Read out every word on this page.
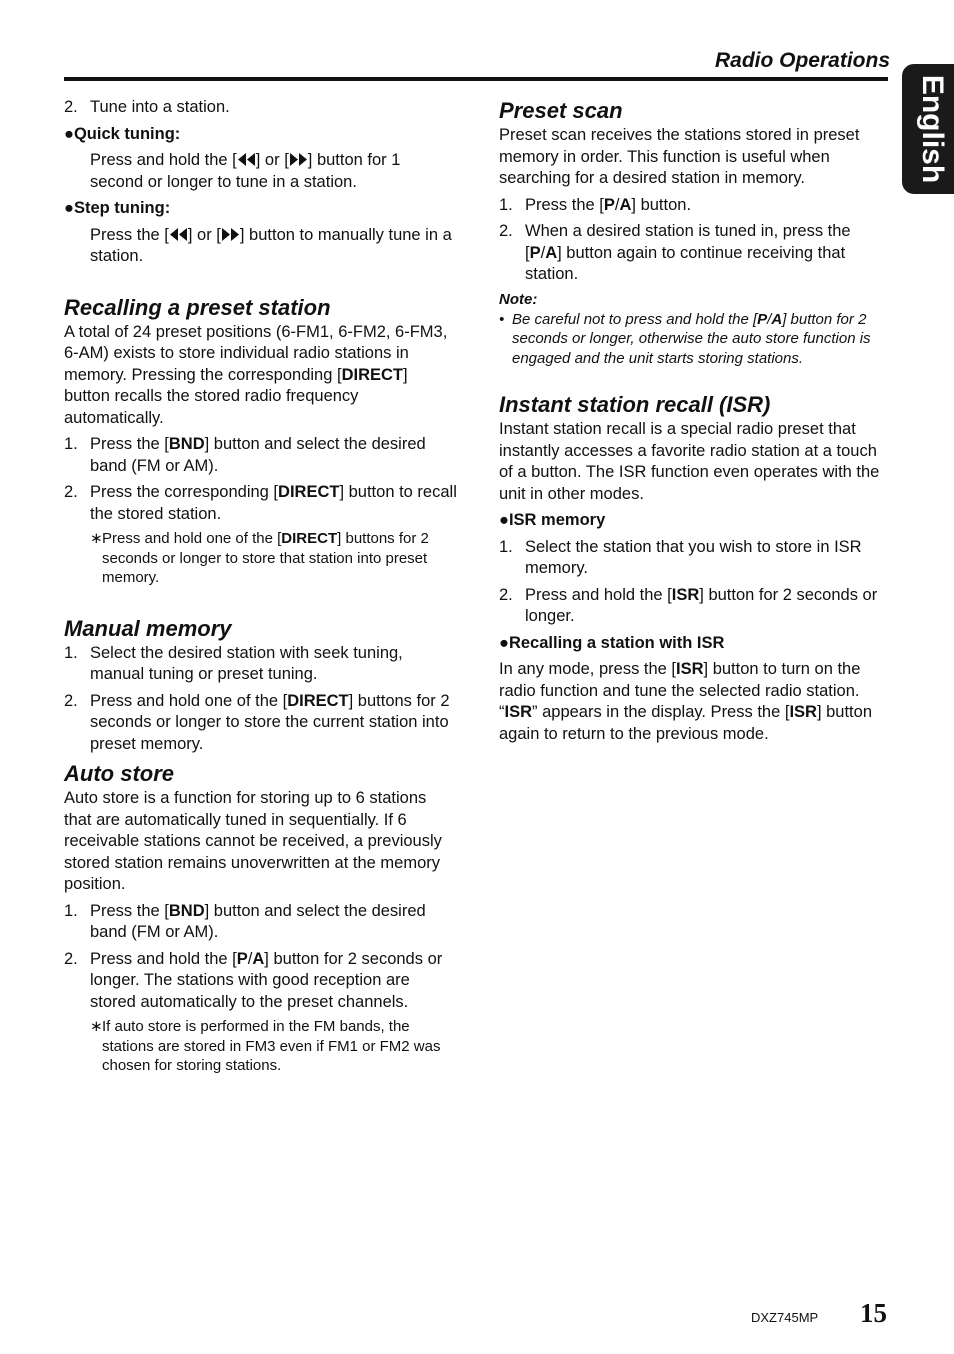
Radio Operations
English
2. Tune into a station.
●Quick tuning:

Press and hold the [ ] or [ ] button for 1 second or longer to tune in a station.

●Step tuning:

Press the [ ] or [ ] button to manually tune in a station.

Recalling a preset station

A total of 24 preset positions (6-FM1, 6-FM2, 6-FM3, 6-AM) exists to store individual radio stations in memory. Pressing the corresponding [DIRECT] button recalls the stored radio frequency automatically.

1. Press the [BND] button and select the desired band (FM or AM).
2. Press the corresponding [DIRECT] button to recall the stored station.
∗ Press and hold one of the [DIRECT] buttons for 2 seconds or longer to store that station into preset memory.
Manual memory
1. Select the desired station with seek tuning, manual tuning or preset tuning.
2. Press and hold one of the [DIRECT] buttons for 2 seconds or longer to store the current station into preset memory.
Auto store

Auto store is a function for storing up to 6 stations that are automatically tuned in sequentially. If 6 receivable stations cannot be received, a previously stored station remains unoverwritten at the memory position.

1. Press the [BND] button and select the desired band (FM or AM).
2. Press and hold the [P/A] button for 2 seconds or longer. The stations with good reception are stored automatically to the preset channels.
∗ If auto store is performed in the FM bands, the stations are stored in FM3 even if FM1 or FM2 was chosen for storing stations.
Preset scan

Preset scan receives the stations stored in preset memory in order. This function is useful when searching for a desired station in memory.

1. Press the [P/A] button.
2. When a desired station is tuned in, press the [P/A] button again to continue receiving that station.
Note:
• Be careful not to press and hold the [P/A] button for 2 seconds or longer, otherwise the auto store function is engaged and the unit starts storing stations.
Instant station recall (ISR)

Instant station recall is a special radio preset that instantly accesses a favorite radio station at a touch of a button. The ISR function even operates with the unit in other modes.

●ISR memory
1. Select the station that you wish to store in ISR memory.
2. Press and hold the [ISR] button for 2 seconds or longer.
●Recalling a station with ISR

In any mode, press the [ISR] button to turn on the radio function and tune the selected radio station. “ISR” appears in the display. Press the [ISR] button again to return to the previous mode.

DXZ745MP 15
